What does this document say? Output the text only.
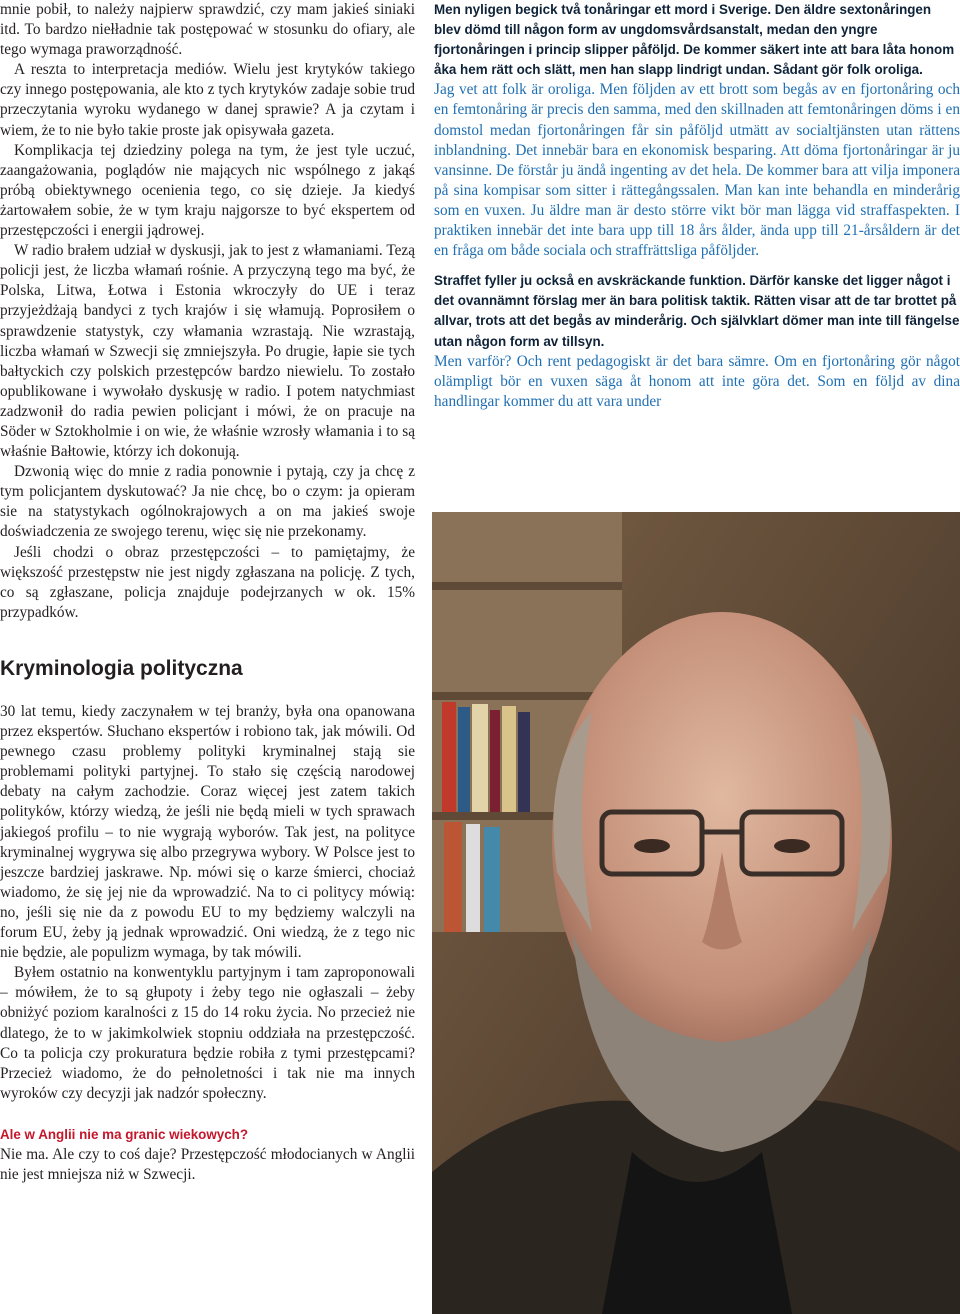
mnie pobił, to należy najpierw sprawdzić, czy mam jakieś siniaki itd. To bardzo niełładnie tak postępować w stosunku do ofiary, ale tego wymaga praworządność.

A reszta to interpretacja mediów. Wielu jest krytyków takiego czy innego postępowania, ale kto z tych krytyków zadaje sobie trud przeczytania wyroku wydanego w danej sprawie? A ja czytam i wiem, że to nie było takie proste jak opisywała gazeta.

Komplikacja tej dziedziny polega na tym, że jest tyle uczuć, zaangażowania, poglądów nie mających nic wspólnego z jakąś próbą obiektywnego ocenienia tego, co się dzieje. Ja kiedyś żartowałem sobie, że w tym kraju najgorsze to być ekspertem od przestępczości i energii jądrowej.

W radio brałem udział w dyskusji, jak to jest z włamaniami. Tezą policji jest, że liczba włamań rośnie. A przyczyną tego ma być, że Polska, Litwa, Łotwa i Estonia wkroczyły do UE i teraz przyjeżdżają bandyci z tych krajów i się włamują. Poprosiłem o sprawdzenie statystyk, czy włamania wzrastają. Nie wzrastają, liczba włamań w Szwecji się zmniejszyła. Po drugie, łapie sie tych bałtyckich czy polskich przestępców bardzo niewielu. To zostało opublikowane i wywołało dyskusję w radio. I potem natychmiast zadzwonił do radia pewien policjant i mówi, że on pracuje na Söder w Sztokholmie i on wie, że właśnie wzrosły włamania i to są właśnie Bałtowie, którzy ich dokonują.

Dzwonią więc do mnie z radia ponownie i pytają, czy ja chcę z tym policjantem dyskutować? Ja nie chcę, bo o czym: ja opieram sie na statystykach ogólnokrajowych a on ma jakieś swoje doświadczenia ze swojego terenu, więc się nie przekonamy.

Jeśli chodzi o obraz przestępczości – to pamiętajmy, że większość przestępstw nie jest nigdy zgłaszana na policję. Z tych, co są zgłaszane, policja znajduje podejrzanych w ok. 15% przypadków.

Kryminologia polityczna

30 lat temu, kiedy zaczynałem w tej branży, była ona opanowana przez ekspertów. Słuchano ekspertów i robiono tak, jak mówili. Od pewnego czasu problemy polityki kryminalnej stają sie problemami polityki partyjnej. To stało się częścią narodowej debaty na całym zachodzie. Coraz więcej jest zatem takich polityków, którzy wiedzą, że jeśli nie będą mieli w tych sprawach jakiegoś profilu – to nie wygrają wyborów. Tak jest, na polityce kryminalnej wygrywa się albo przegrywa wybory. W Polsce jest to jeszcze bardziej jaskrawe. Np. mówi się o karze śmierci, chociaż wiadomo, że się jej nie da wprowadzić. Na to ci politycy mówią: no, jeśli się nie da z powodu EU to my będziemy walczyli na forum EU, żeby ją jednak wprowadzić. Oni wiedzą, że z tego nic nie będzie, ale populizm wymaga, by tak mówili.

Byłem ostatnio na konwentyklu partyjnym i tam zaproponowali – mówiłem, że to są głupoty i żeby tego nie ogłaszali – żeby obniżyć poziom karalności z 15 do 14 roku życia. No przecież nie dlatego, że to w jakimkolwiek stopniu oddziała na przestępczość. Co ta policja czy prokuratura będzie robiła z tymi przestępcami? Przecież wiadomo, że do pełnoletności i tak nie ma innych wyroków czy decyzji jak nadzór społeczny.

Ale w Anglii nie ma granic wiekowych?

Nie ma. Ale czy to coś daje? Przestępczość młodocianych w Anglii nie jest mniejsza niż w Szwecji.

Men nyligen begick två tonåringar ett mord i Sverige. Den äldre sextonåringen blev dömd till någon form av ungdomsvårdsanstalt, medan den yngre fjortonåringen i princip slipper påföljd. De kommer säkert inte att bara låta honom åka hem rätt och slätt, men han slapp lindrigt undan. Sådant gör folk oroliga.

Jag vet att folk är oroliga. Men följden av ett brott som begås av en fjortonåring och en femtonåring är precis den samma, med den skillnaden att femtonåringen döms i en domstol medan fjortonåringen får sin påföljd utmätt av socialtjänsten utan rättens inblandning. Det innebär bara en ekonomisk besparing. Att döma fjortonåringar är ju vansinne. De förstår ju ändå ingenting av det hela. De kommer bara att vilja imponera på sina kompisar som sitter i rättegångssalen. Man kan inte behandla en minderårig som en vuxen. Ju äldre man är desto större vikt bör man lägga vid straffaspekten. I praktiken innebär det inte bara upp till 18 års ålder, ända upp till 21-årsåldern är det en fråga om både sociala och straffrättsliga påföljder.

Straffet fyller ju också en avskräckande funktion. Därför kanske det ligger något i det ovannämnt förslag mer än bara politisk taktik. Rätten visar att de tar brottet på allvar, trots att det begås av minderårig. Och självklart dömer man inte till fängelse utan någon form av tillsyn.

Men varför? Och rent pedagogiskt är det bara sämre. Om en fjortonåring gör något olämpligt bör en vuxen säga åt honom att inte göra det. Som en följd av dina handlingar kommer du att vara under
